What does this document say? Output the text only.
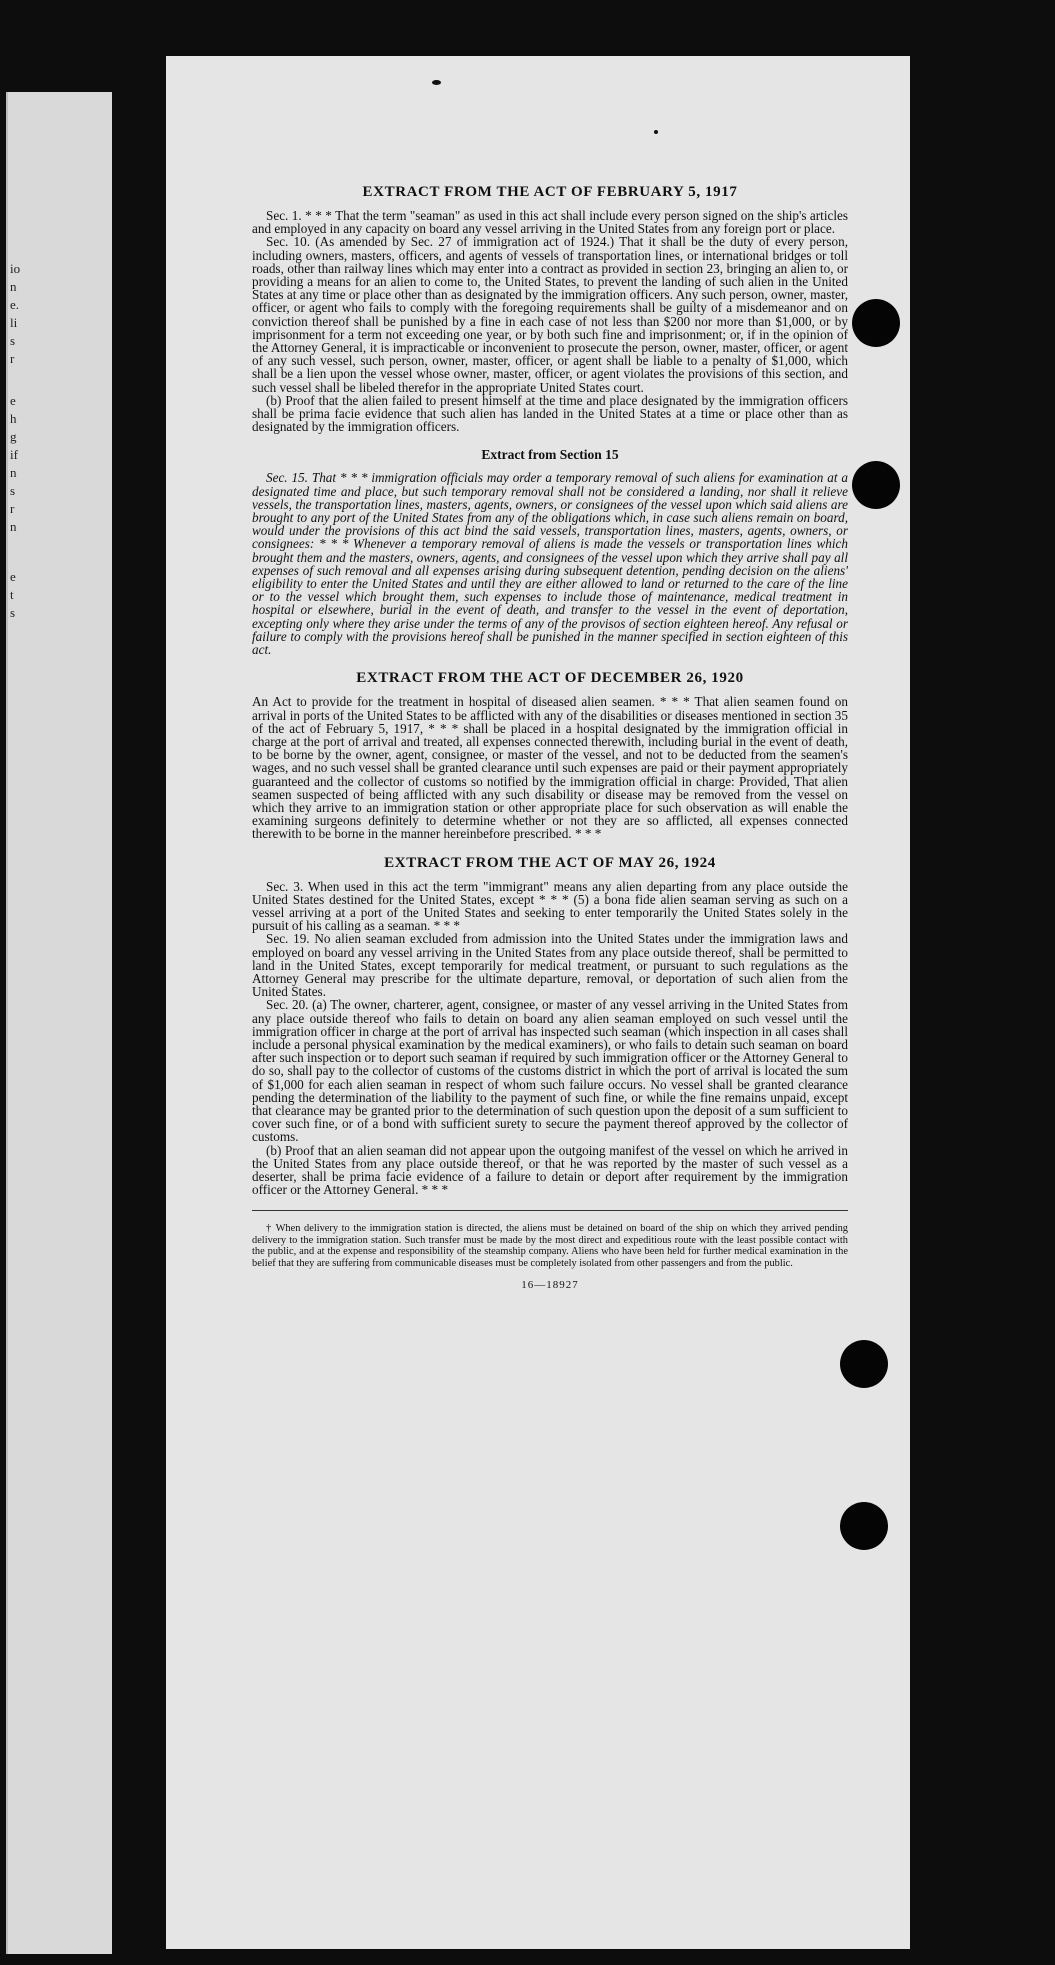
io
n
e.
li
s
r
e
h
g
if
n
s
r
n
e
t
s
EXTRACT FROM THE ACT OF FEBRUARY 5, 1917

Sec. 1. * * * That the term "seaman" as used in this act shall include every person signed on the ship's articles and employed in any capacity on board any vessel arriving in the United States from any foreign port or place.

Sec. 10. (As amended by Sec. 27 of immigration act of 1924.) That it shall be the duty of every person, including owners, masters, officers, and agents of vessels of transportation lines, or international bridges or toll roads, other than railway lines which may enter into a contract as provided in section 23, bringing an alien to, or providing a means for an alien to come to, the United States, to prevent the landing of such alien in the United States at any time or place other than as designated by the immigration officers. Any such person, owner, master, officer, or agent who fails to comply with the foregoing requirements shall be guilty of a misdemeanor and on conviction thereof shall be punished by a fine in each case of not less than $200 nor more than $1,000, or by imprisonment for a term not exceeding one year, or by both such fine and imprisonment; or, if in the opinion of the Attorney General, it is impracticable or inconvenient to prosecute the person, owner, master, officer, or agent of any such vessel, such person, owner, master, officer, or agent shall be liable to a penalty of $1,000, which shall be a lien upon the vessel whose owner, master, officer, or agent violates the provisions of this section, and such vessel shall be libeled therefor in the appropriate United States court.

(b) Proof that the alien failed to present himself at the time and place designated by the immigration officers shall be prima facie evidence that such alien has landed in the United States at a time or place other than as designated by the immigration officers.

Extract from Section 15

Sec. 15. That * * * immigration officials may order a temporary removal of such aliens for examination at a designated time and place, but such temporary removal shall not be considered a landing, nor shall it relieve vessels, the transportation lines, masters, agents, owners, or consignees of the vessel upon which said aliens are brought to any port of the United States from any of the obligations which, in case such aliens remain on board, would under the provisions of this act bind the said vessels, transportation lines, masters, agents, owners, or consignees: * * * Whenever a temporary removal of aliens is made the vessels or transportation lines which brought them and the masters, owners, agents, and consignees of the vessel upon which they arrive shall pay all expenses of such removal and all expenses arising during subsequent detention, pending decision on the aliens' eligibility to enter the United States and until they are either allowed to land or returned to the care of the line or to the vessel which brought them, such expenses to include those of maintenance, medical treatment in hospital or elsewhere, burial in the event of death, and transfer to the vessel in the event of deportation, excepting only where they arise under the terms of any of the provisos of section eighteen hereof. Any refusal or failure to comply with the provisions hereof shall be punished in the manner specified in section eighteen of this act.

EXTRACT FROM THE ACT OF DECEMBER 26, 1920

An Act to provide for the treatment in hospital of diseased alien seamen. * * * That alien seamen found on arrival in ports of the United States to be afflicted with any of the disabilities or diseases mentioned in section 35 of the act of February 5, 1917, * * * shall be placed in a hospital designated by the immigration official in charge at the port of arrival and treated, all expenses connected therewith, including burial in the event of death, to be borne by the owner, agent, consignee, or master of the vessel, and not to be deducted from the seamen's wages, and no such vessel shall be granted clearance until such expenses are paid or their payment appropriately guaranteed and the collector of customs so notified by the immigration official in charge: Provided, That alien seamen suspected of being afflicted with any such disability or disease may be removed from the vessel on which they arrive to an immigration station or other appropriate place for such observation as will enable the examining surgeons definitely to determine whether or not they are so afflicted, all expenses connected therewith to be borne in the manner hereinbefore prescribed. * * *

EXTRACT FROM THE ACT OF MAY 26, 1924

Sec. 3. When used in this act the term "immigrant" means any alien departing from any place outside the United States destined for the United States, except * * * (5) a bona fide alien seaman serving as such on a vessel arriving at a port of the United States and seeking to enter temporarily the United States solely in the pursuit of his calling as a seaman. * * *

Sec. 19. No alien seaman excluded from admission into the United States under the immigration laws and employed on board any vessel arriving in the United States from any place outside thereof, shall be permitted to land in the United States, except temporarily for medical treatment, or pursuant to such regulations as the Attorney General may prescribe for the ultimate departure, removal, or deportation of such alien from the United States.

Sec. 20. (a) The owner, charterer, agent, consignee, or master of any vessel arriving in the United States from any place outside thereof who fails to detain on board any alien seaman employed on such vessel until the immigration officer in charge at the port of arrival has inspected such seaman (which inspection in all cases shall include a personal physical examination by the medical examiners), or who fails to detain such seaman on board after such inspection or to deport such seaman if required by such immigration officer or the Attorney General to do so, shall pay to the collector of customs of the customs district in which the port of arrival is located the sum of $1,000 for each alien seaman in respect of whom such failure occurs. No vessel shall be granted clearance pending the determination of the liability to the payment of such fine, or while the fine remains unpaid, except that clearance may be granted prior to the determination of such question upon the deposit of a sum sufficient to cover such fine, or of a bond with sufficient surety to secure the payment thereof approved by the collector of customs.

(b) Proof that an alien seaman did not appear upon the outgoing manifest of the vessel on which he arrived in the United States from any place outside thereof, or that he was reported by the master of such vessel as a deserter, shall be prima facie evidence of a failure to detain or deport after requirement by the immigration officer or the Attorney General. * * *

† When delivery to the immigration station is directed, the aliens must be detained on board of the ship on which they arrived pending delivery to the immigration station. Such transfer must be made by the most direct and expeditious route with the least possible contact with the public, and at the expense and responsibility of the steamship company. Aliens who have been held for further medical examination in the belief that they are suffering from communicable diseases must be completely isolated from other passengers and from the public.

16—18927
